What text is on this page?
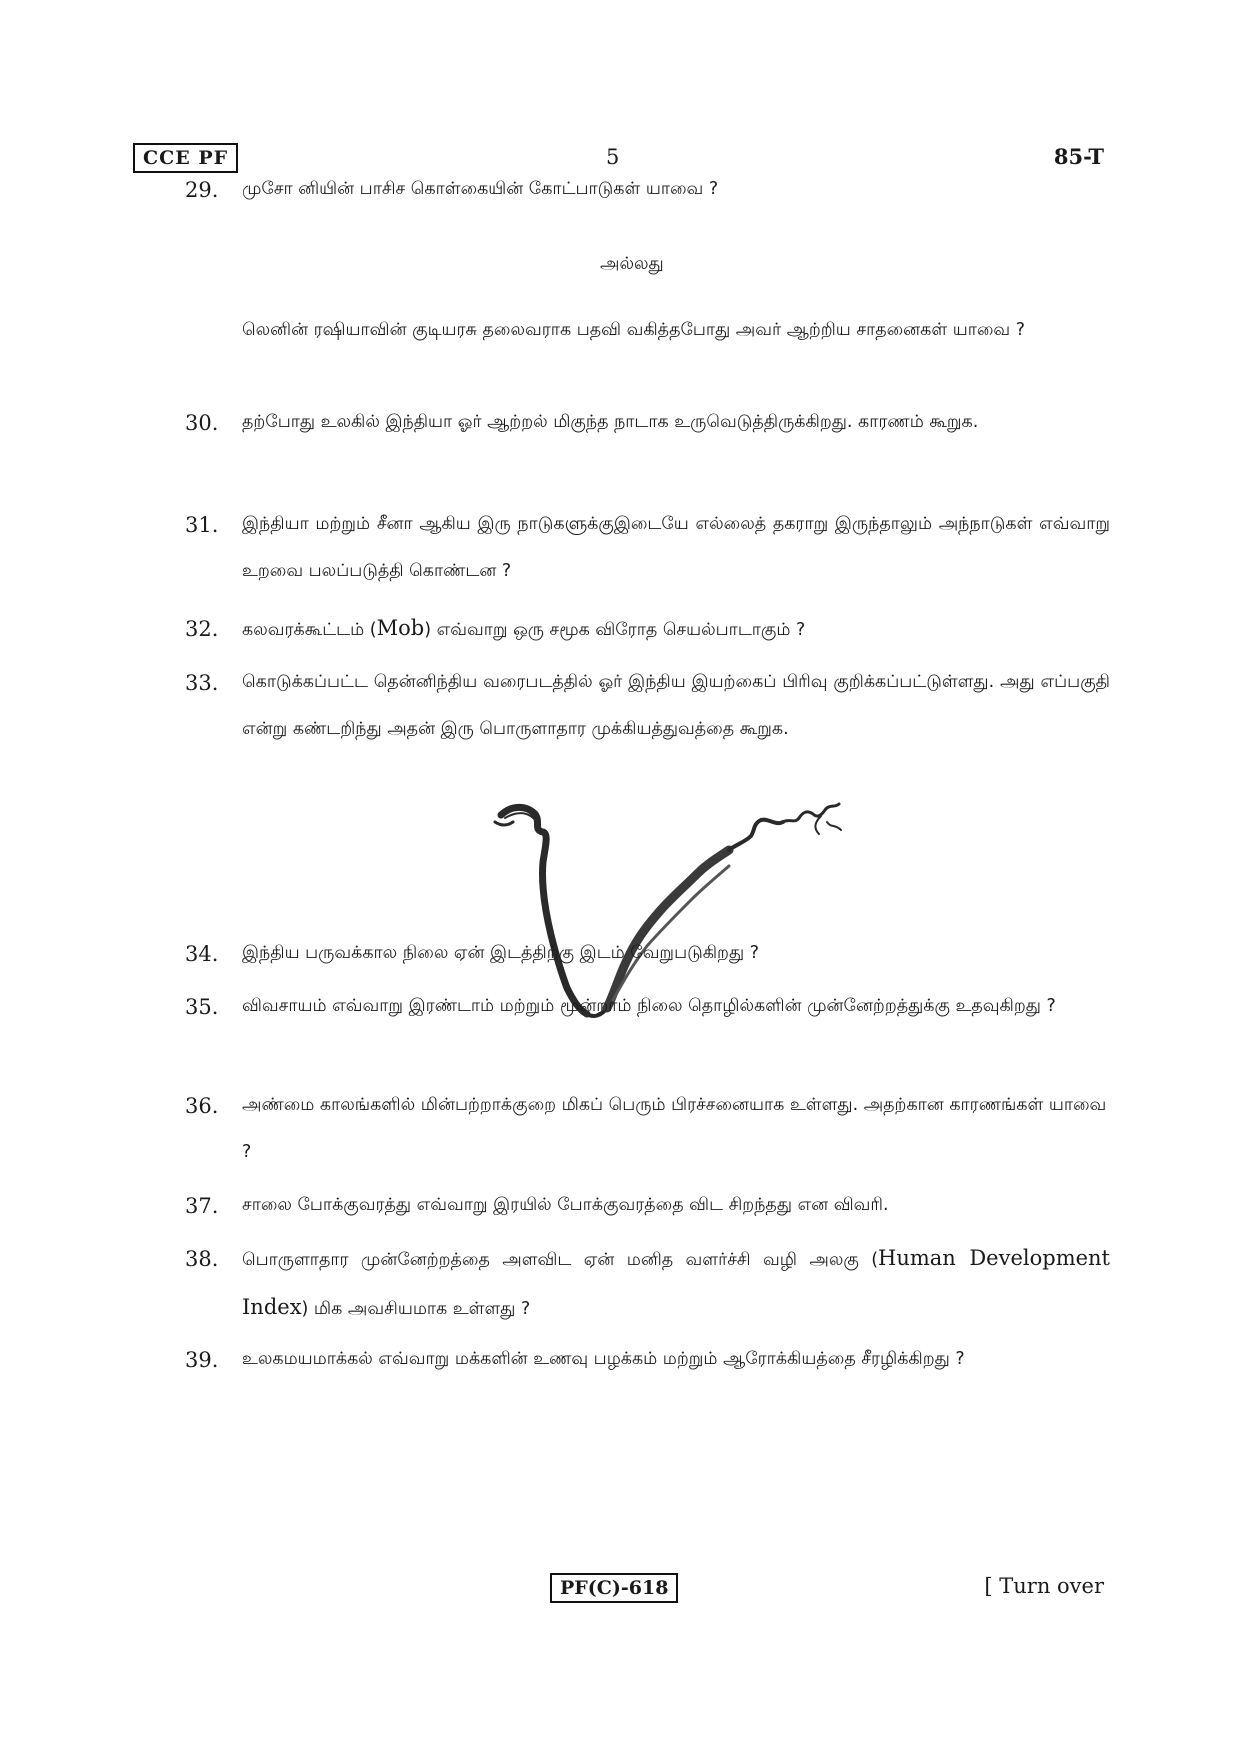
CCE PF	5	85-T
29. முசோ னியின் பாசிச கொள்கையின் கோட்பாடுகள் யாவை ?
அல்லது
லெனின் ரஷியாவின் குடியரசு தலைவராக பதவி வகித்தபோது அவர் ஆற்றிய சாதனைகள் யாவை ?
30. தற்போது உலகில் இந்தியா ஓர் ஆற்றல் மிகுந்த நாடாக உருவெடுத்திருக்கிறது. காரணம் கூறுக.
31. இந்தியா மற்றும் சீனா ஆகிய இரு நாடுகளுக்குஇடையே எல்லைத் தகராறு இருந்தாலும் அந்நாடுகள் எவ்வாறு உறவை பலப்படுத்தி கொண்டன ?
32. கலவரக்கூட்டம் (Mob) எவ்வாறு ஒரு சமூக விரோத செயல்பாடாகும் ?
33. கொடுக்கப்பட்ட தென்னிந்திய வரைபடத்தில் ஓர் இந்திய இயற்கைப் பிரிவு குறிக்கப்பட்டுள்ளது. அது எப்பகுதி என்று கண்டறிந்து அதன் இரு பொருளாதார முக்கியத்துவத்தை கூறுக.
34. இந்திய பருவக்கால நிலை ஏன் இடத்திற்கு இடம் வேறுபடுகிறது ?
35. விவசாயம் எவ்வாறு இரண்டாம் மற்றும் மூன்றாம் நிலை தொழில்களின் முன்னேற்றத்துக்கு உதவுகிறது ?
36. அண்மை காலங்களில் மின்பற்றாக்குறை மிகப் பெரும் பிரச்சனையாக உள்ளது. அதற்கான காரணங்கள் யாவை ?
37. சாலை போக்குவரத்து எவ்வாறு இரயில் போக்குவரத்தை விட சிறந்தது என விவரி.
38. பொருளாதார முன்னேற்றத்தை அளவிட ஏன் மனித வளர்ச்சி வழி அலகு (Human Development Index) மிக அவசியமாக உள்ளது ?
39. உலகமயமாக்கல் எவ்வாறு மக்களின் உணவு பழக்கம் மற்றும் ஆரோக்கியத்தை சீரழிக்கிறது ?
PF(C)-618	[ Turn over
